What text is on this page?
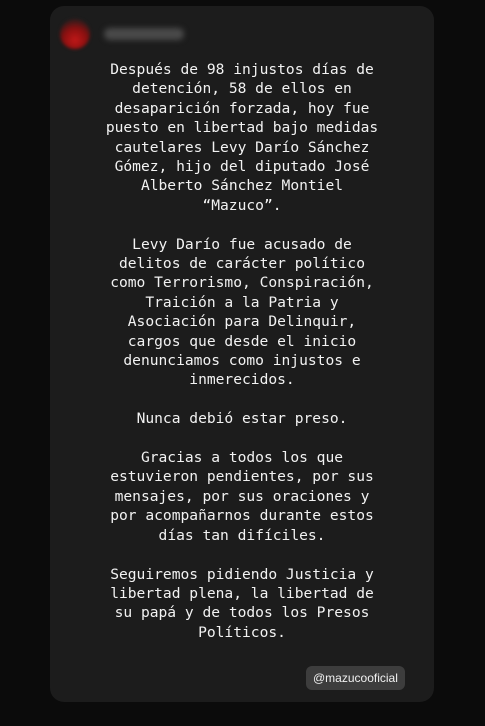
Después de 98 injustos días de
detención, 58 de ellos en
desaparición forzada, hoy fue
puesto en libertad bajo medidas
cautelares Levy Darío Sánchez
Gómez, hijo del diputado José
Alberto Sánchez Montiel
“Mazuco”.

Levy Darío fue acusado de
delitos de carácter político
como Terrorismo, Conspiración,
Traición a la Patria y
Asociación para Delinquir,
cargos que desde el inicio
denunciamos como injustos e
inmerecidos.

Nunca debió estar preso.

Gracias a todos los que
estuvieron pendientes, por sus
mensajes, por sus oraciones y
por acompañarnos durante estos
días tan difíciles.

Seguiremos pidiendo Justicia y
libertad plena, la libertad de
su papá y de todos los Presos
Políticos.

@mazucooficial
